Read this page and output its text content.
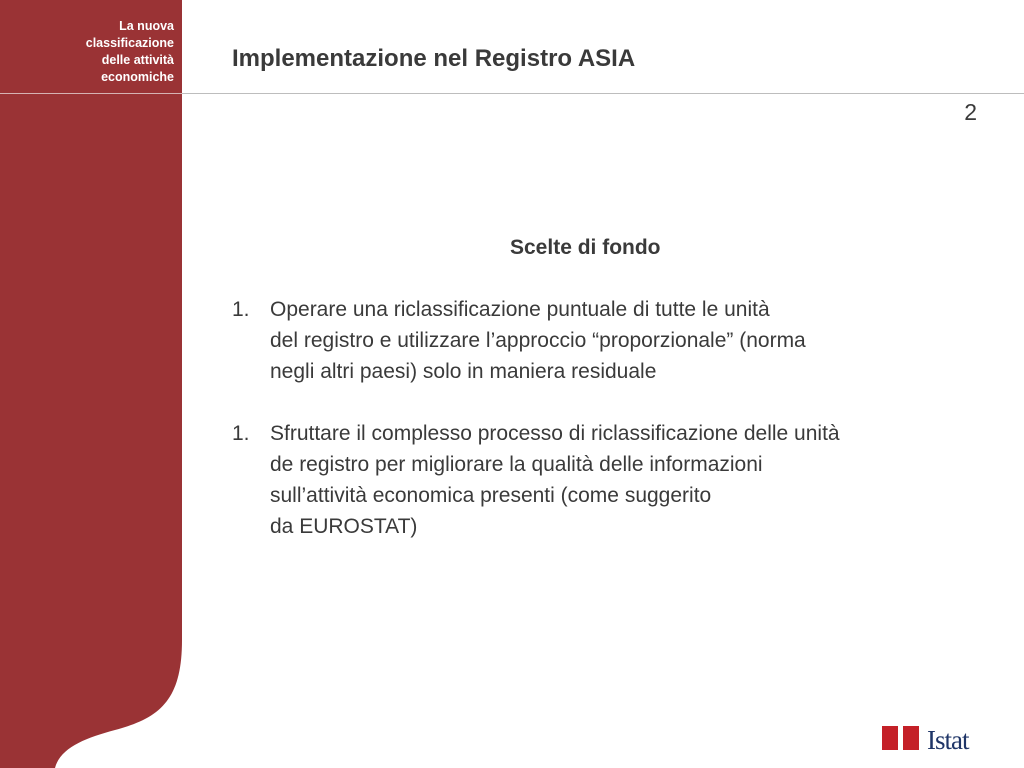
La nuova
classificazione
delle attività
economiche
Implementazione nel Registro ASIA
2
Scelte di fondo
1. Operare una riclassificazione puntuale di tutte le unità
del registro e utilizzare l’approccio “proporzionale” (norma
negli altri paesi) solo in maniera residuale
1. Sfruttare il complesso processo di riclassificazione delle unità
de registro per migliorare la qualità delle informazioni
sull’attività economica presenti (come suggerito
da EUROSTAT)
Istat
